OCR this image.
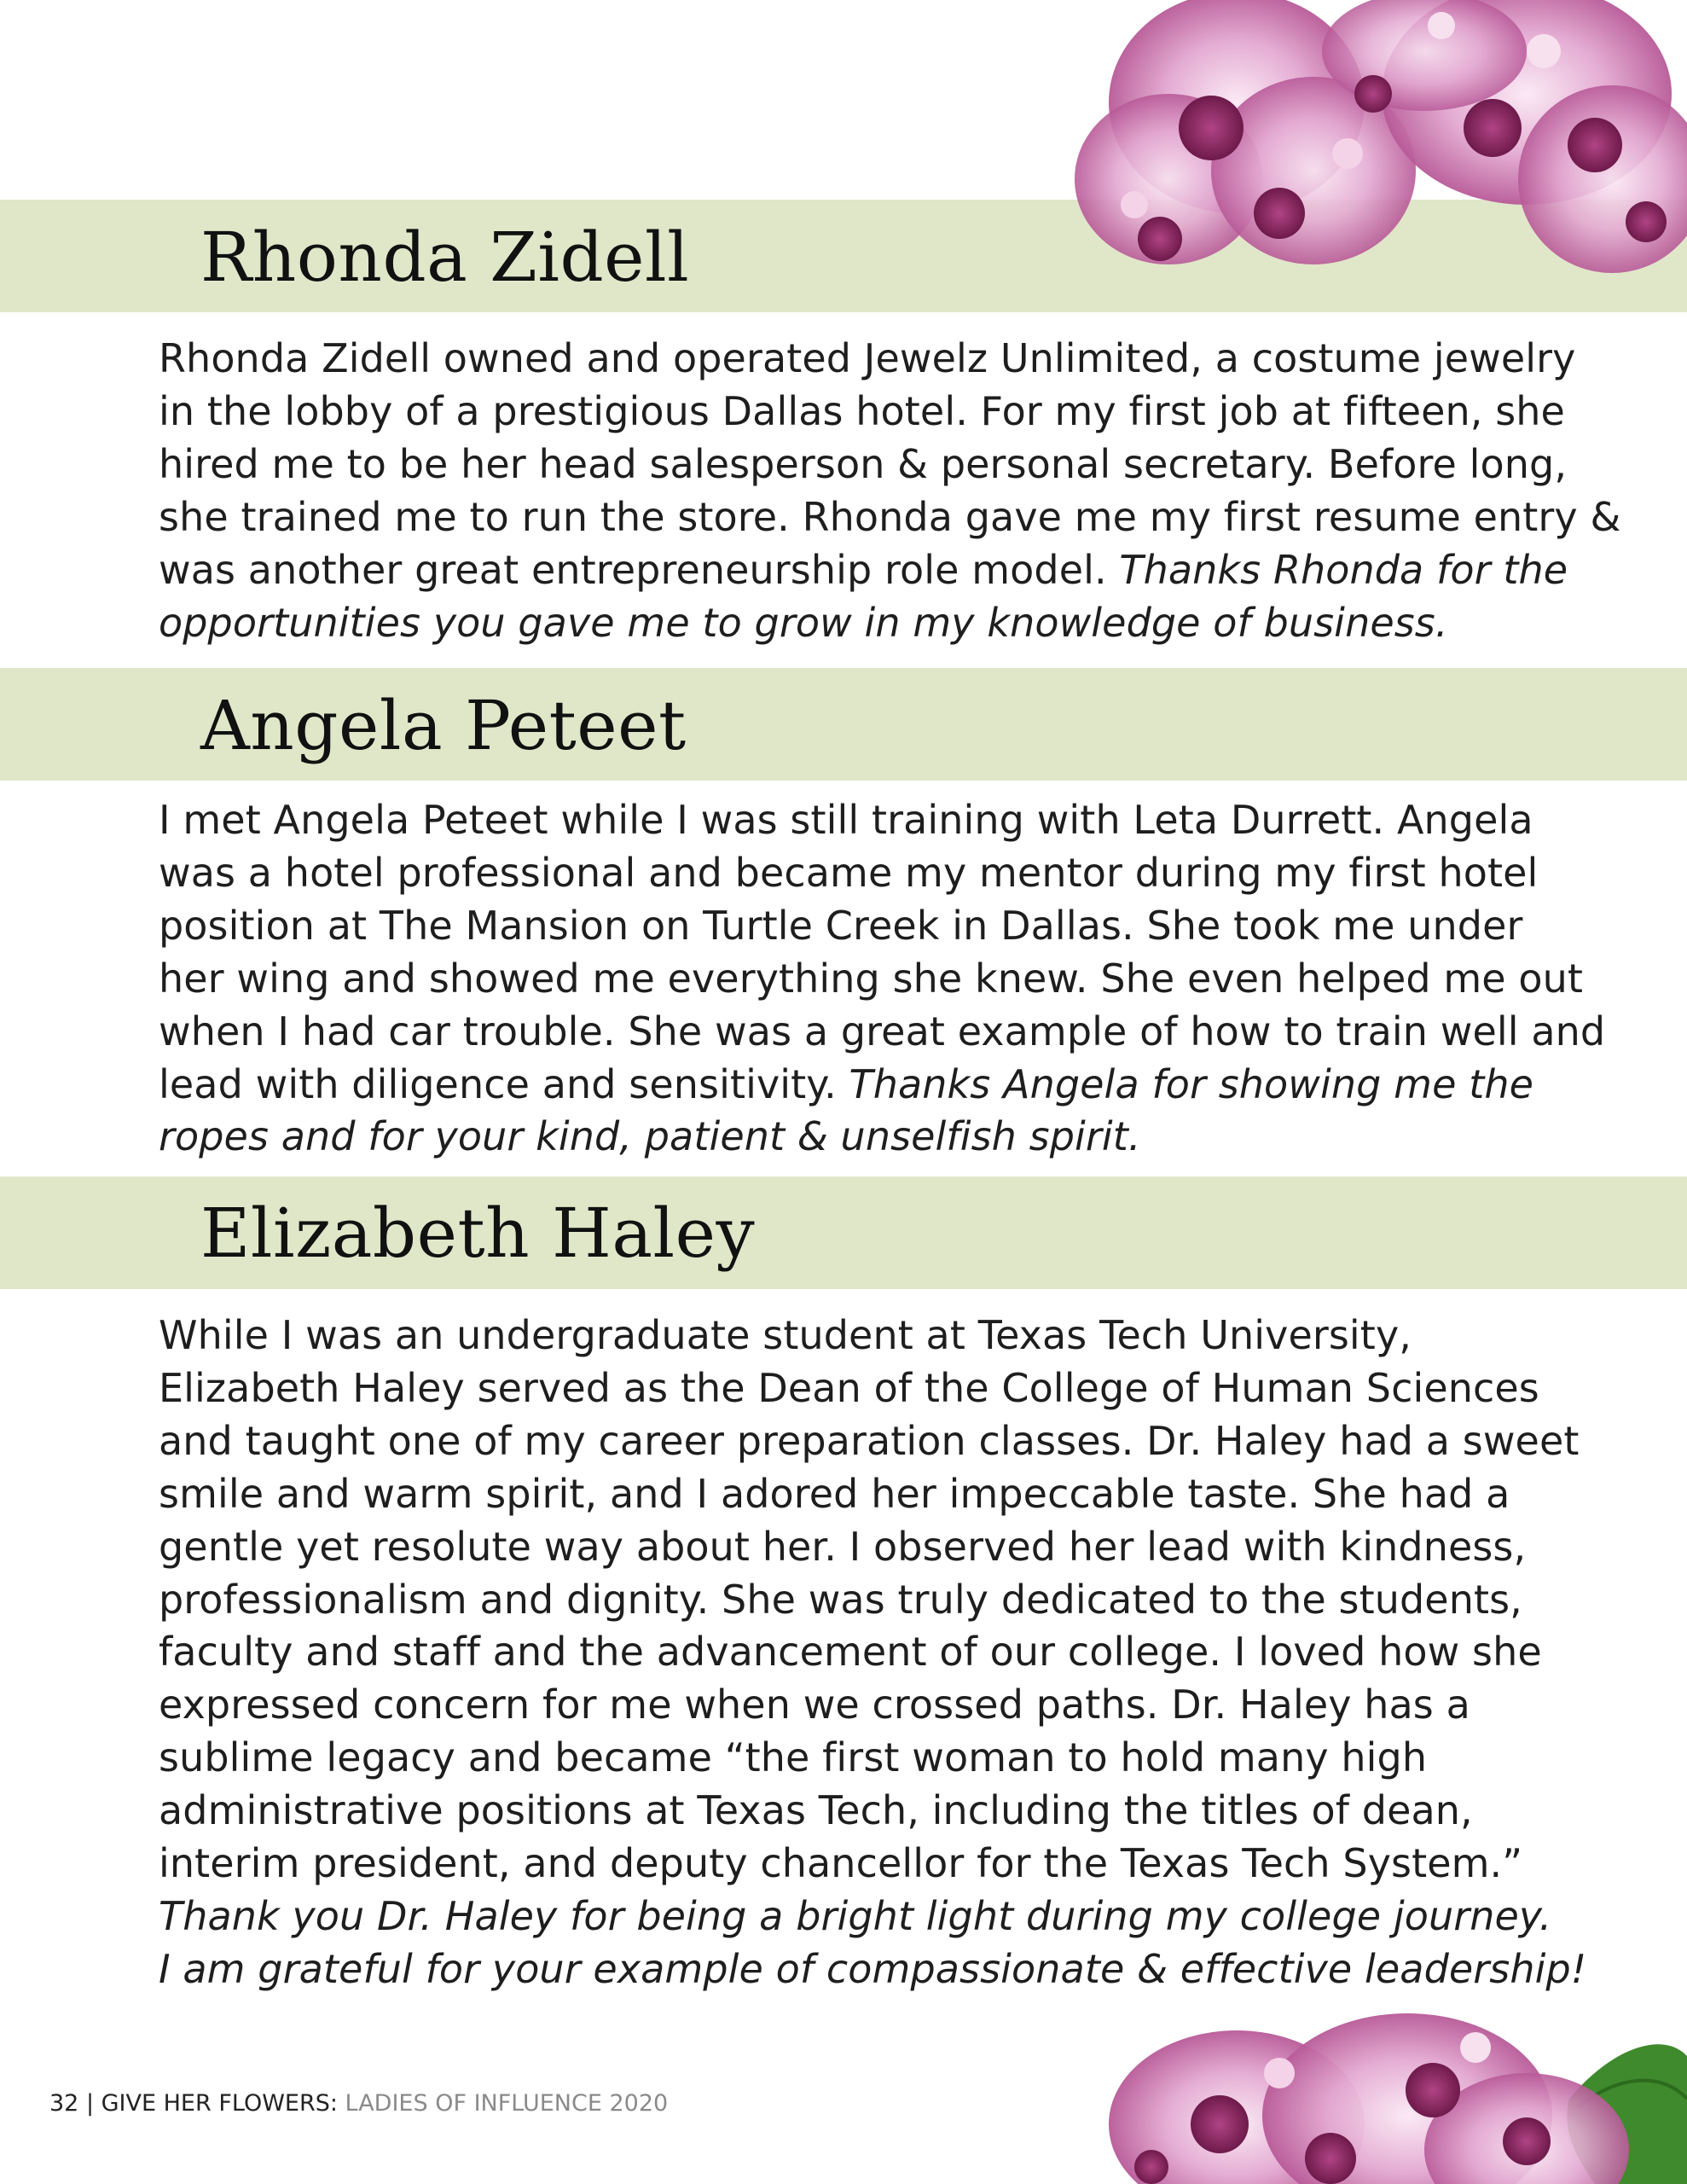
Rhonda Zidell

Rhonda Zidell owned and operated Jewelz Unlimited, a costume jewelry
in the lobby of a prestigious Dallas hotel. For my first job at fifteen, she
hired me to be her head salesperson & personal secretary. Before long,
she trained me to run the store. Rhonda gave me my first resume entry &
was another great entrepreneurship role model. Thanks Rhonda for the
opportunities you gave me to grow in my knowledge of business.

Angela Peteet

I met Angela Peteet while I was still training with Leta Durrett. Angela
was a hotel professional and became my mentor during my first hotel
position at The Mansion on Turtle Creek in Dallas. She took me under
her wing and showed me everything she knew. She even helped me out
when I had car trouble. She was a great example of how to train well and
lead with diligence and sensitivity. Thanks Angela for showing me the
ropes and for your kind, patient & unselfish spirit.

Elizabeth Haley

While I was an undergraduate student at Texas Tech University,
Elizabeth Haley served as the Dean of the College of Human Sciences
and taught one of my career preparation classes. Dr. Haley had a sweet
smile and warm spirit, and I adored her impeccable taste. She had a
gentle yet resolute way about her. I observed her lead with kindness,
professionalism and dignity. She was truly dedicated to the students,
faculty and staff and the advancement of our college. I loved how she
expressed concern for me when we crossed paths. Dr. Haley has a
sublime legacy and became “the first woman to hold many high
administrative positions at Texas Tech, including the titles of dean,
interim president, and deputy chancellor for the Texas Tech System.”
Thank you Dr. Haley for being a bright light during my college journey.
I am grateful for your example of compassionate & effective leadership!

32 | GIVE HER FLOWERS: LADIES OF INFLUENCE 2020
